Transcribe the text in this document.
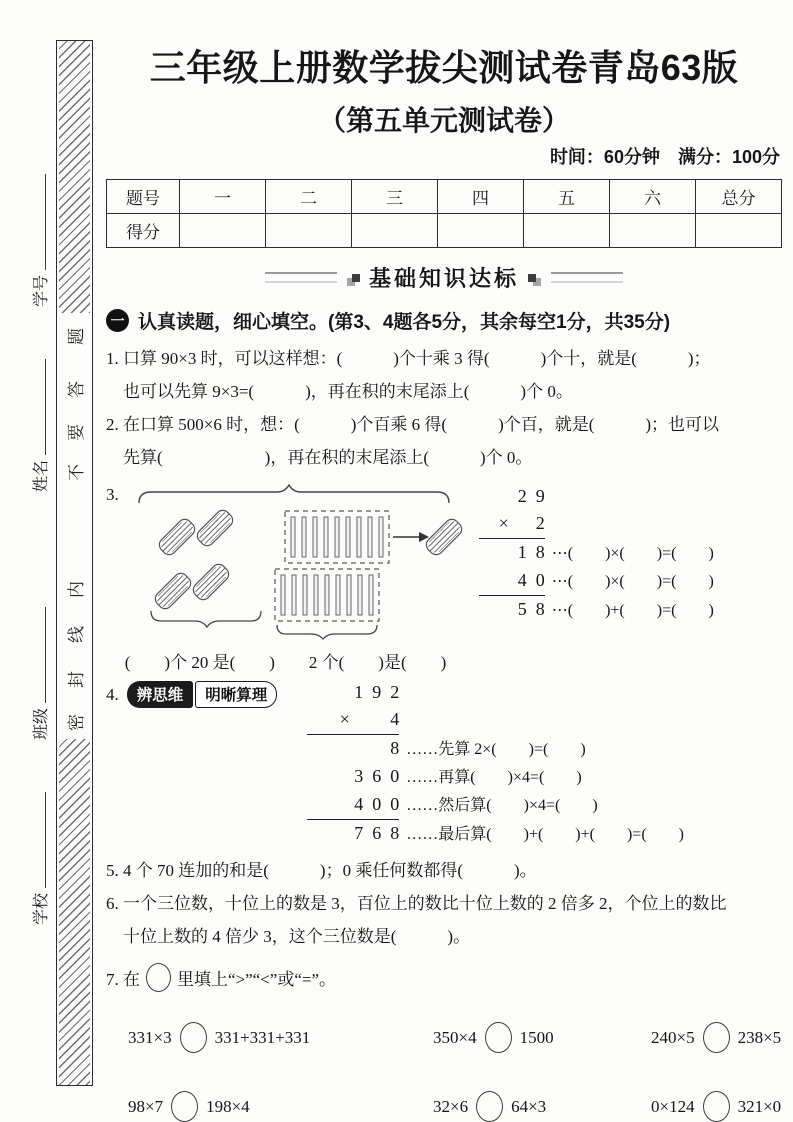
学号
姓名
班级
学校
题
答
要
不
内
线
封
密
三年级上册数学拔尖测试卷青岛63版
（第五单元测试卷）
时间：60分钟　满分：100分
题号	一	二	三	四	五	六	总分
得分							
基础知识达标
一 认真读题，细心填空。(第3、4题各5分，其余每空1分，共35分)
1. 口算 90×3 时，可以这样想：(　　　)个十乘 3 得(　　　)个十，就是(　　　)；
也可以先算 9×3=(　　　)，再在积的末尾添上(　　　)个 0。
2. 在口算 500×6 时，想：(　　　)个百乘 6 得(　　　)个百，就是(　　　)；也可以
先算(　　　　　　)，再在积的末尾添上(　　　)个 0。
3.
(　　)个 20 是(　　)　　2 个(　　)是(　　)
2  9
×      2
1  8 ⋯(　　)×(　　)=(　　)
4  0 ⋯(　　)×(　　)=(　　)
5  8 ⋯(　　)+(　　)=(　　)
4.	辨思维	明晰算理	1  9  2
×         4
8 ……先算 2×(　　)=(　　)
3  6  0 ……再算(　　)×4=(　　)
4  0  0 ……然后算(　　)×4=(　　)
7  6  8 ……最后算(　　)+(　　)+(　　)=(　　)
5. 4 个 70 连加的和是(　　　)；0 乘任何数都得(　　　)。
6. 一个三位数，十位上的数是 3，百位上的数比十位上数的 2 倍多 2，个位上的数比
十位上数的 4 倍少 3，这个三位数是(　　　)。
7. 在 里填上“>”“<”或“=”。
331×3	331+331+331	350×4	1500	240×5	238×5
98×7	198×4	32×6	64×3	0×124	321×0
